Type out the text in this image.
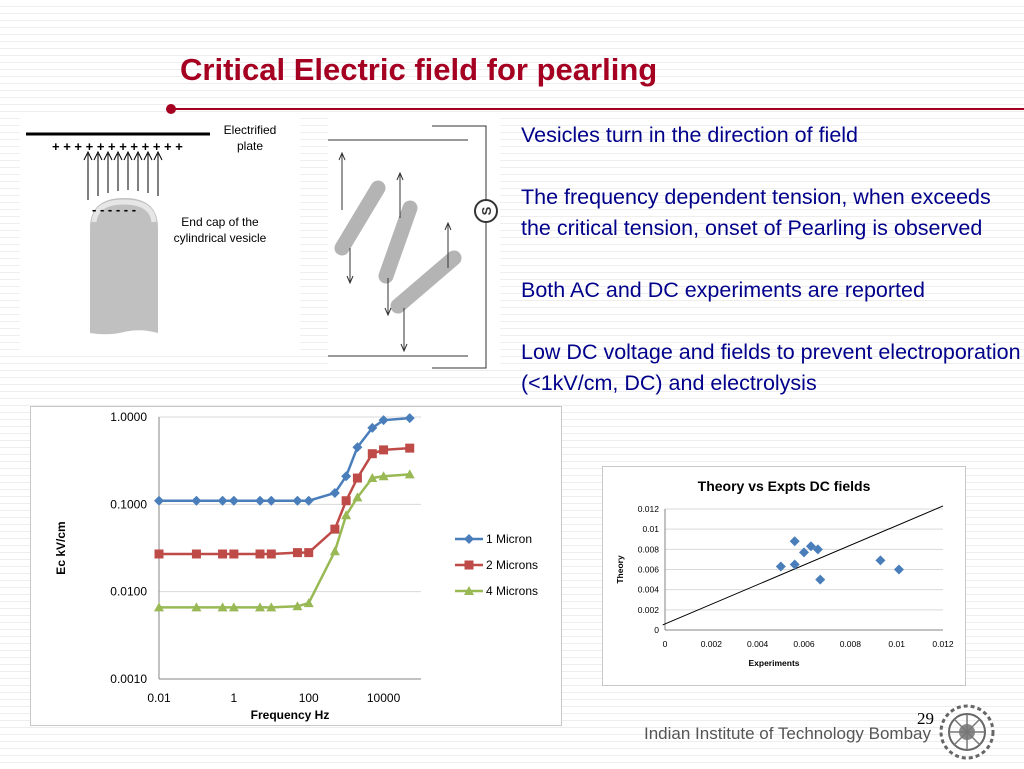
Critical Electric field for pearling
+ + + + + + + + + + + +
- - - - - -
Electrified
plate
End cap of the
cylindrical vesicle
S

Vesicles turn in the direction of field

The frequency dependent tension, when exceeds the critical tension, onset of Pearling is observed

Both AC and DC experiments are reported

Low DC voltage and fields to prevent electroporation (<1kV/cm, DC) and electrolysis

1.0000
0.1000
0.0100
0.0010
0.01	1	100	10000
Frequency Hz
Ec kV/cm	1 Micron
2 Microns
4 Microns
Theory vs Expts DC fields
0
0.002
0.004
0.006
0.008
0.01
0.012
0	0.002	0.004	0.006	0.008	0.01	0.012
Experiments
Theory
29
Indian Institute of Technology Bombay
